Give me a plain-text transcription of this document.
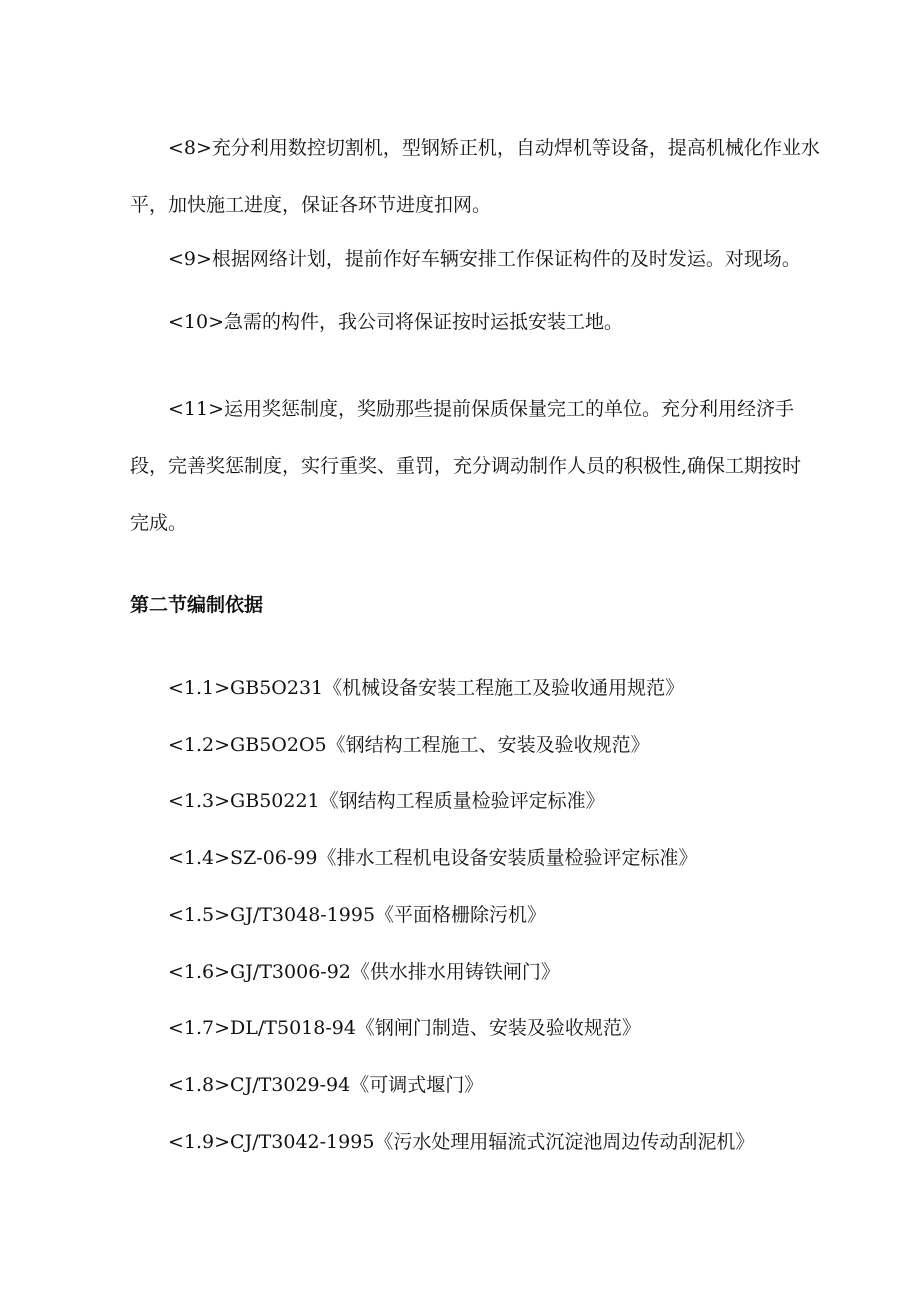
<8>充分利用数控切割机，型钢矫正机，自动焊机等设备，提高机械化作业水平，加快施工进度，保证各环节进度扣网。

<9>根据网络计划，提前作好车辆安排工作保证构件的及时发运。对现场。

<10>急需的构件，我公司将保证按时运抵安装工地。

<11>运用奖惩制度，奖励那些提前保质保量完工的单位。充分利用经济手段，完善奖惩制度，实行重奖、重罚，充分调动制作人员的积极性,确保工期按时完成。

第二节编制依据

<1.1>GB5O231《机械设备安装工程施工及验收通用规范》

<1.2>GB5O2O5《钢结构工程施工、安装及验收规范》

<1.3>GB50221《钢结构工程质量检验评定标准》

<1.4>SZ-06-99《排水工程机电设备安装质量检验评定标准》

<1.5>GJ/T3048-1995《平面格栅除污机》

<1.6>GJ/T3006-92《供水排水用铸铁闸门》

<1.7>DL/T5018-94《钢闸门制造、安装及验收规范》

<1.8>CJ/T3029-94《可调式堰门》

<1.9>CJ/T3042-1995《污水处理用辐流式沉淀池周边传动刮泥机》
